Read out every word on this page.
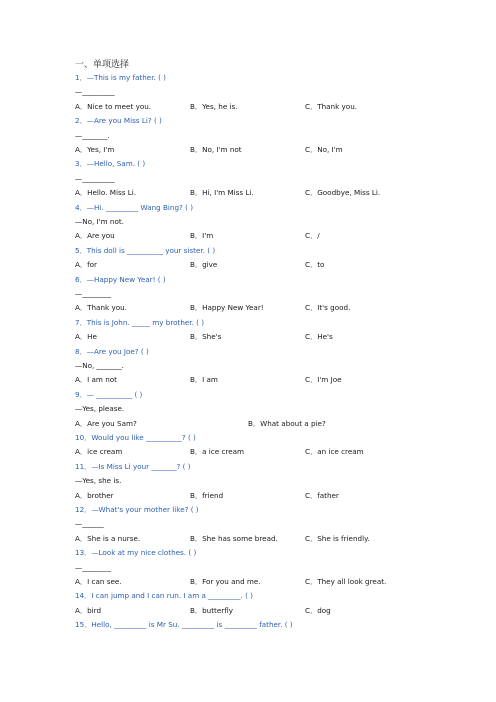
一、单项选择
1．—This is my father. ( )
—_________
A．Nice to meet you.	B．Yes, he is.	C．Thank you.
2．—Are you Miss Li? ( )
—_______.
A．Yes, I'm	B．No, I'm not	C．No, I'm
3．—Hello, Sam. ( )
—_________
A．Hello. Miss Li.	B．Hi, I'm Miss Li.	C．Goodbye, Miss Li.
4．—Hi. _________ Wang Bing? ( )
—No, I'm not.
A．Are you	B．I'm	C．/
5．This doll is __________ your sister. ( )
A．for	B．give	C．to
6．—Happy New Year! ( )
—________
A．Thank you.	B．Happy New Year!	C．It's good.
7．This is John. _____ my brother. ( )
A．He	B．She's	C．He's
8．—Are you Joe? ( )
—No, _______.
A．I am not	B．I am	C．I'm Joe
9．— __________ ( )
—Yes, please.
A．Are you Sam?	B．What about a pie?
10．Would you like __________? ( )
A．ice cream	B．a ice cream	C．an ice cream
11．—Is Miss Li your _______? ( )
—Yes, she is.
A．brother	B．friend	C．father
12．—What's your mother like? ( )
—______
A．She is a nurse.	B．She has some bread.	C．She is friendly.
13．—Look at my nice clothes. ( )
—________
A．I can see.	B．For you and me.	C．They all look great.
14．I can jump and I can run. I am a _________. ( )
A．bird	B．butterfly	C．dog
15．Hello, _________ is Mr Su. _________ is _________ father. ( )
